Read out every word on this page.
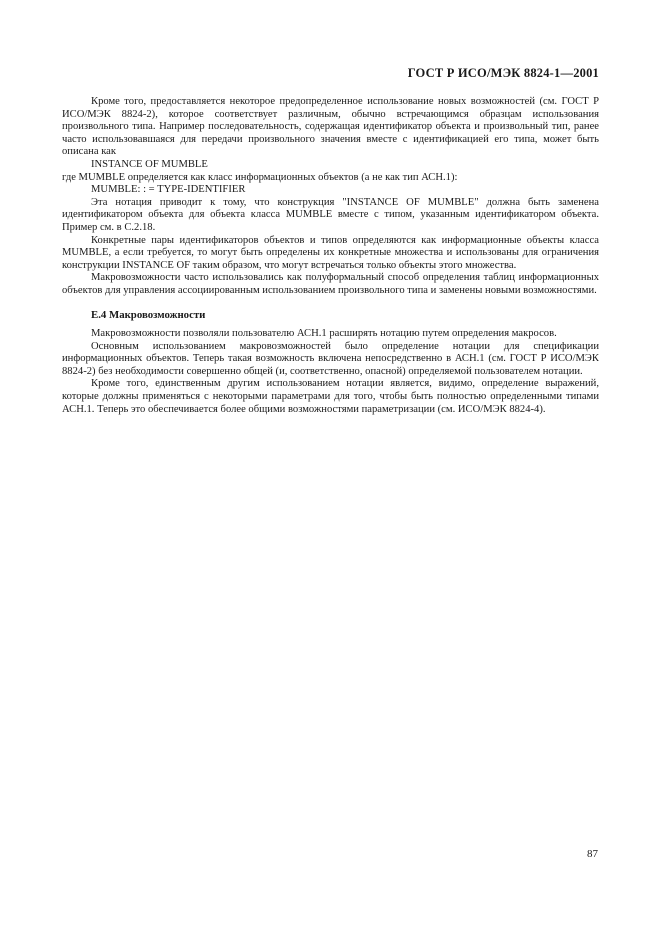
ГОСТ Р ИСО/МЭК 8824-1—2001

Кроме того, предоставляется некоторое предопределенное использование новых возможностей (см. ГОСТ Р ИСО/МЭК 8824-2), которое соответствует различным, обычно встречающимся образцам использования произвольного типа. Например последовательность, содержащая идентификатор объекта и произвольный тип, ранее часто использовавшаяся для передачи произвольного значения вместе с идентификацией его типа, может быть описана как

INSTANCE OF MUMBLE

где MUMBLE определяется как класс информационных объектов (а не как тип АСН.1):

MUMBLE: : = TYPE-IDENTIFIER

Эта нотация приводит к тому, что конструкция "INSTANCE OF MUMBLE" должна быть заменена идентификатором объекта для объекта класса MUMBLE вместе с типом, указанным идентификатором объекта. Пример см. в С.2.18.

Конкретные пары идентификаторов объектов и типов определяются как информационные объекты класса MUMBLE, а если требуется, то могут быть определены их конкретные множества и использованы для ограничения конструкции INSTANCE OF таким образом, что могут встречаться только объекты этого множества.

Макровозможности часто использовались как полуформальный способ определения таблиц информационных объектов для управления ассоциированным использованием произвольного типа и заменены новыми возможностями.

Е.4 Макровозможности

Макровозможности позволяли пользователю АСН.1 расширять нотацию путем определения макросов.

Основным использованием макровозможностей было определение нотации для спецификации информационных объектов. Теперь такая возможность включена непосредственно в АСН.1 (см. ГОСТ Р ИСО/МЭК 8824-2) без необходимости совершенно общей (и, соответственно, опасной) определяемой пользователем нотации.

Кроме того, единственным другим использованием нотации является, видимо, определение выражений, которые должны применяться с некоторыми параметрами для того, чтобы быть полностью определенными типами АСН.1. Теперь это обеспечивается более общими возможностями параметризации (см. ИСО/МЭК 8824-4).

87
